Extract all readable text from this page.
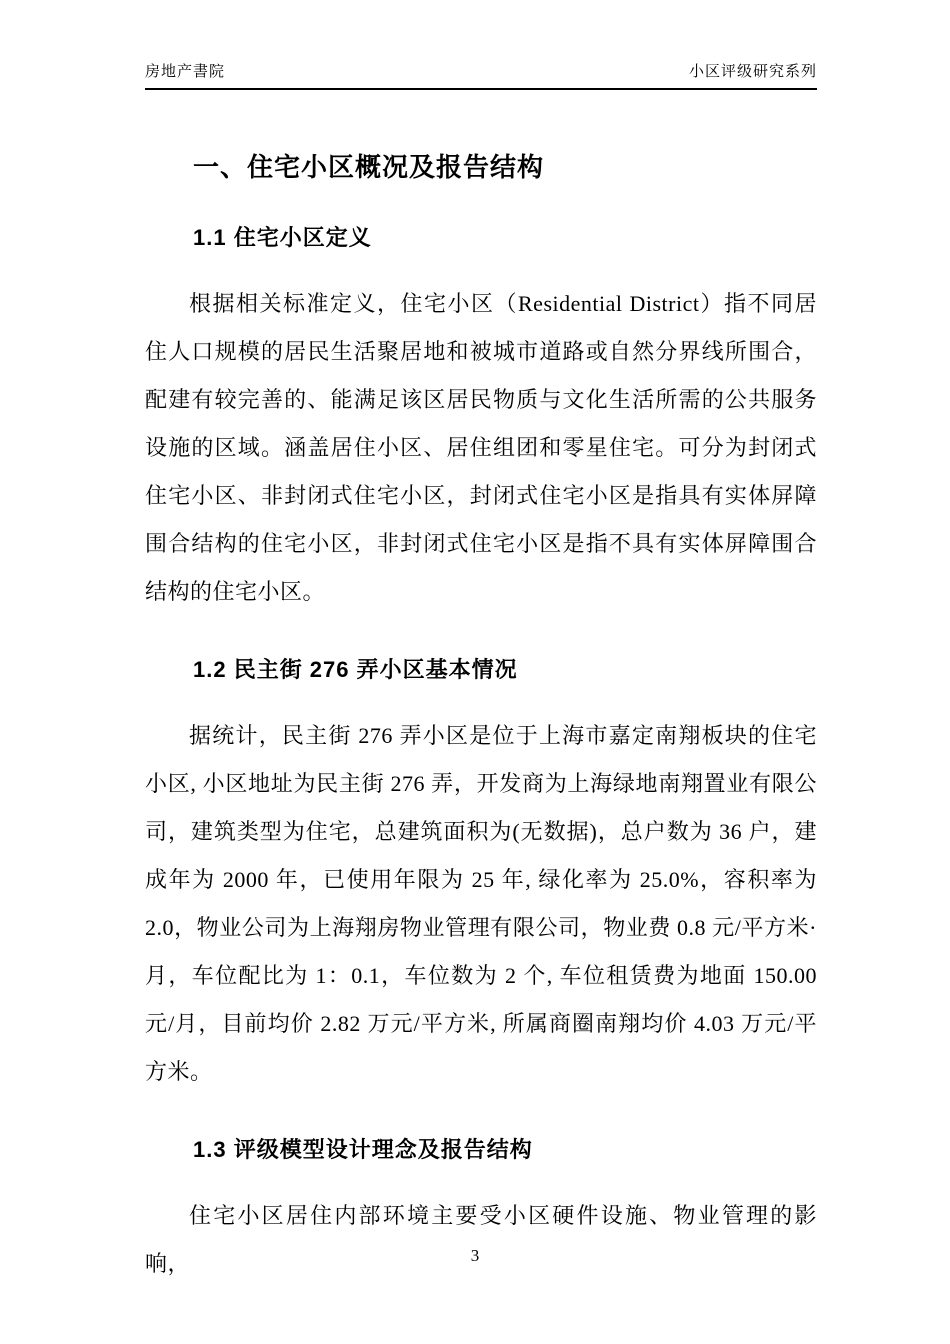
房地产書院	小区评级研究系列
一、住宅小区概况及报告结构
1.1 住宅小区定义

根据相关标准定义，住宅小区（Residential District）指不同居住人口规模的居民生活聚居地和被城市道路或自然分界线所围合，配建有较完善的、能满足该区居民物质与文化生活所需的公共服务设施的区域。涵盖居住小区、居住组团和零星住宅。可分为封闭式住宅小区、非封闭式住宅小区，封闭式住宅小区是指具有实体屏障围合结构的住宅小区，非封闭式住宅小区是指不具有实体屏障围合结构的住宅小区。

1.2 民主街 276 弄小区基本情况

据统计，民主街 276 弄小区是位于上海市嘉定南翔板块的住宅小区, 小区地址为民主街 276 弄，开发商为上海绿地南翔置业有限公司，建筑类型为住宅，总建筑面积为(无数据)，总户数为 36 户，建成年为 2000 年，已使用年限为 25 年, 绿化率为 25.0%，容积率为 2.0，物业公司为上海翔房物业管理有限公司，物业费 0.8 元/平方米·月，车位配比为 1：0.1，车位数为 2 个, 车位租赁费为地面 150.00 元/月，目前均价 2.82 万元/平方米, 所属商圈南翔均价 4.03 万元/平方米。

1.3 评级模型设计理念及报告结构

住宅小区居住内部环境主要受小区硬件设施、物业管理的影响，	3
